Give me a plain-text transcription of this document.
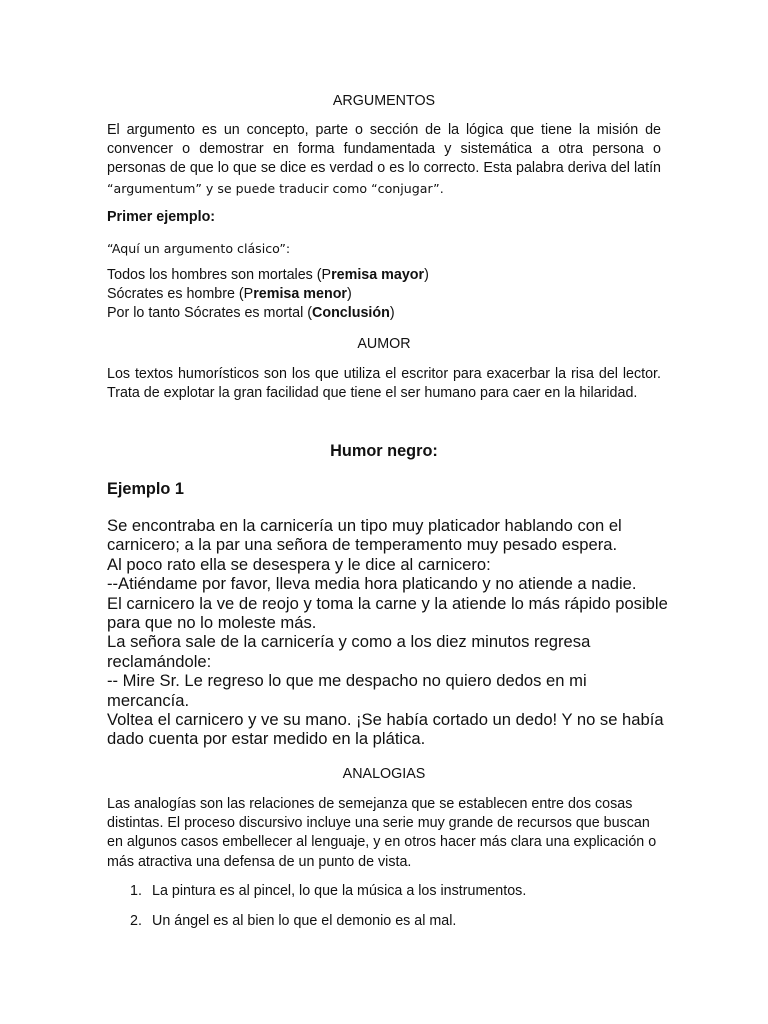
ARGUMENTOS
El argumento es un concepto, parte o sección de la lógica que tiene la misión de convencer o demostrar en forma fundamentada y sistemática a otra persona o personas de que lo que se dice es verdad o es lo correcto. Esta palabra deriva del latín “argumentum” y se puede traducir como “conjugar”.
Primer ejemplo:
“Aquí un argumento clásico”:
Todos los hombres son mortales (Premisa mayor)
Sócrates es hombre (Premisa menor)
Por lo tanto Sócrates es mortal (Conclusión)
AUMOR
Los textos humorísticos son los que utiliza el escritor para exacerbar la risa del lector. Trata de explotar la gran facilidad que tiene el ser humano para caer en la hilaridad.
Humor negro:
Ejemplo 1
Se encontraba en la carnicería un tipo muy platicador hablando con el
carnicero; a la par una señora de temperamento muy pesado espera.
Al poco rato ella se desespera y le dice al carnicero:
--Atiéndame por favor, lleva media hora platicando y no atiende a nadie.
El carnicero la ve de reojo y toma la carne y la atiende lo más rápido posible
para que no lo moleste más.
La señora sale de la carnicería y como a los diez minutos regresa
reclamándole:
-- Mire Sr. Le regreso lo que me despacho no quiero dedos en mi
mercancía.
Voltea el carnicero y ve su mano. ¡Se había cortado un dedo! Y no se había
dado cuenta por estar medido en la plática.
ANALOGIAS
Las analogías son las relaciones de semejanza que se establecen entre dos cosas distintas. El proceso discursivo incluye una serie muy grande de recursos que buscan en algunos casos embellecer al lenguaje, y en otros hacer más clara una explicación o más atractiva una defensa de un punto de vista.
1. La pintura es al pincel, lo que la música a los instrumentos.
2. Un ángel es al bien lo que el demonio es al mal.
